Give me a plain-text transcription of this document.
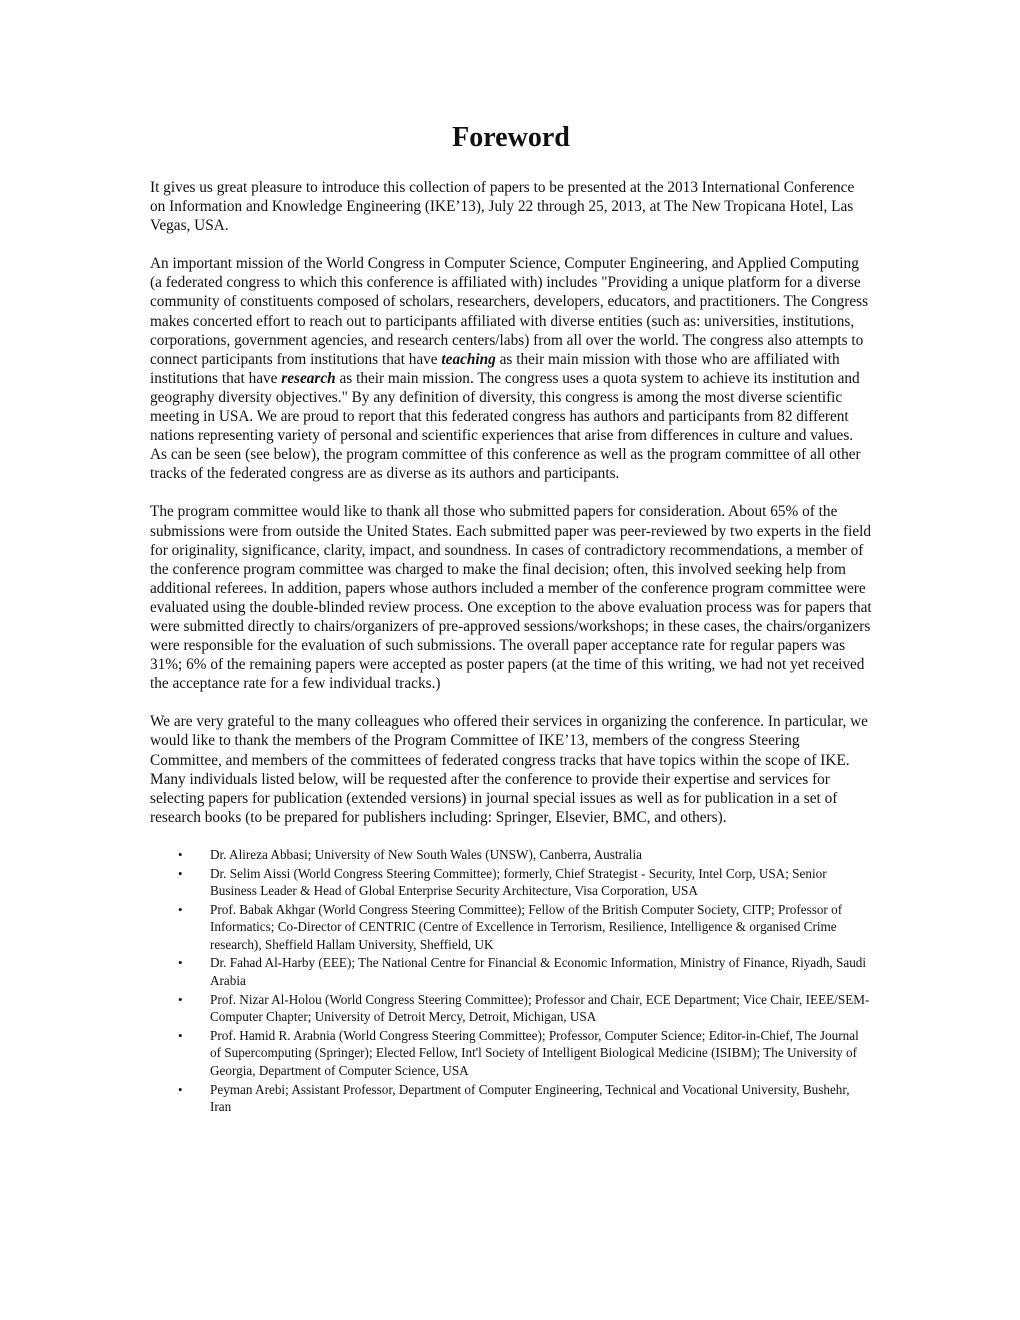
Foreword

It gives us great pleasure to introduce this collection of papers to be presented at the 2013 International Conference on Information and Knowledge Engineering (IKE’13), July 22 through 25, 2013, at The New Tropicana Hotel, Las Vegas, USA.

An important mission of the World Congress in Computer Science, Computer Engineering, and Applied Computing (a federated congress to which this conference is affiliated with) includes "Providing a unique platform for a diverse community of constituents composed of scholars, researchers, developers, educators, and practitioners. The Congress makes concerted effort to reach out to participants affiliated with diverse entities (such as: universities, institutions, corporations, government agencies, and research centers/labs) from all over the world. The congress also attempts to connect participants from institutions that have teaching as their main mission with those who are affiliated with institutions that have research as their main mission. The congress uses a quota system to achieve its institution and geography diversity objectives." By any definition of diversity, this congress is among the most diverse scientific meeting in USA. We are proud to report that this federated congress has authors and participants from 82 different nations representing variety of personal and scientific experiences that arise from differences in culture and values. As can be seen (see below), the program committee of this conference as well as the program committee of all other tracks of the federated congress are as diverse as its authors and participants.

The program committee would like to thank all those who submitted papers for consideration. About 65% of the submissions were from outside the United States. Each submitted paper was peer-reviewed by two experts in the field for originality, significance, clarity, impact, and soundness. In cases of contradictory recommendations, a member of the conference program committee was charged to make the final decision; often, this involved seeking help from additional referees. In addition, papers whose authors included a member of the conference program committee were evaluated using the double-blinded review process. One exception to the above evaluation process was for papers that were submitted directly to chairs/organizers of pre-approved sessions/workshops; in these cases, the chairs/organizers were responsible for the evaluation of such submissions. The overall paper acceptance rate for regular papers was 31%; 6% of the remaining papers were accepted as poster papers (at the time of this writing, we had not yet received the acceptance rate for a few individual tracks.)

We are very grateful to the many colleagues who offered their services in organizing the conference. In particular, we would like to thank the members of the Program Committee of IKE’13, members of the congress Steering Committee, and members of the committees of federated congress tracks that have topics within the scope of IKE. Many individuals listed below, will be requested after the conference to provide their expertise and services for selecting papers for publication (extended versions) in journal special issues as well as for publication in a set of research books (to be prepared for publishers including: Springer, Elsevier, BMC, and others).

• Dr. Alireza Abbasi; University of New South Wales (UNSW), Canberra, Australia
• Dr. Selim Aissi (World Congress Steering Committee); formerly, Chief Strategist - Security, Intel Corp, USA; Senior Business Leader & Head of Global Enterprise Security Architecture, Visa Corporation, USA
• Prof. Babak Akhgar (World Congress Steering Committee); Fellow of the British Computer Society, CITP; Professor of Informatics; Co-Director of CENTRIC (Centre of Excellence in Terrorism, Resilience, Intelligence & organised Crime research), Sheffield Hallam University, Sheffield, UK
• Dr. Fahad Al-Harby (EEE); The National Centre for Financial & Economic Information, Ministry of Finance, Riyadh, Saudi Arabia
• Prof. Nizar Al-Holou (World Congress Steering Committee); Professor and Chair, ECE Department; Vice Chair, IEEE/SEM-Computer Chapter; University of Detroit Mercy, Detroit, Michigan, USA
• Prof. Hamid R. Arabnia (World Congress Steering Committee); Professor, Computer Science; Editor-in-Chief, The Journal of Supercomputing (Springer); Elected Fellow, Int'l Society of Intelligent Biological Medicine (ISIBM); The University of Georgia, Department of Computer Science, USA
• Peyman Arebi; Assistant Professor, Department of Computer Engineering, Technical and Vocational University, Bushehr, Iran
